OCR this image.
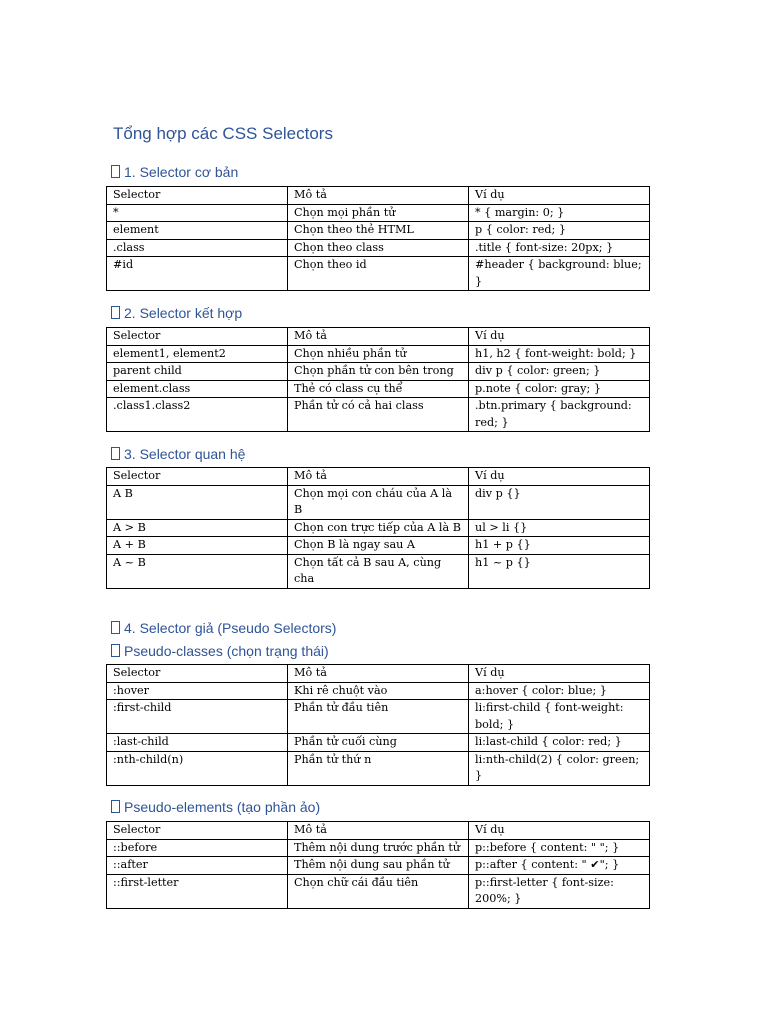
Tổng hợp các CSS Selectors
1. Selector cơ bản
Selector	Mô tả	Ví dụ
*	Chọn mọi phần tử	* { margin: 0; }
element	Chọn theo thẻ HTML	p { color: red; }
.class	Chọn theo class	.title { font-size: 20px; }
#id	Chọn theo id	#header { background: blue; }
2. Selector kết hợp
Selector	Mô tả	Ví dụ
element1, element2	Chọn nhiều phần tử	h1, h2 { font-weight: bold; }
parent child	Chọn phần tử con bên trong	div p { color: green; }
element.class	Thẻ có class cụ thể	p.note { color: gray; }
.class1.class2	Phần tử có cả hai class	.btn.primary { background: red; }
3. Selector quan hệ
Selector	Mô tả	Ví dụ
A B	Chọn mọi con cháu của A là B	div p {}
A > B	Chọn con trực tiếp của A là B	ul > li {}
A + B	Chọn B là ngay sau A	h1 + p {}
A ~ B	Chọn tất cả B sau A, cùng cha	h1 ~ p {}
4. Selector giả (Pseudo Selectors)
Pseudo-classes (chọn trạng thái)
Selector	Mô tả	Ví dụ
:hover	Khi rê chuột vào	a:hover { color: blue; }
:first-child	Phần tử đầu tiên	li:first-child { font-weight: bold; }
:last-child	Phần tử cuối cùng	li:last-child { color: red; }
:nth-child(n)	Phần tử thứ n	li:nth-child(2) { color: green; }
Pseudo-elements (tạo phần ảo)
Selector	Mô tả	Ví dụ
::before	Thêm nội dung trước phần tử	p::before { content: " "; }
::after	Thêm nội dung sau phần tử	p::after { content: " ✔"; }
::first-letter	Chọn chữ cái đầu tiên	p::first-letter { font-size: 200%; }
